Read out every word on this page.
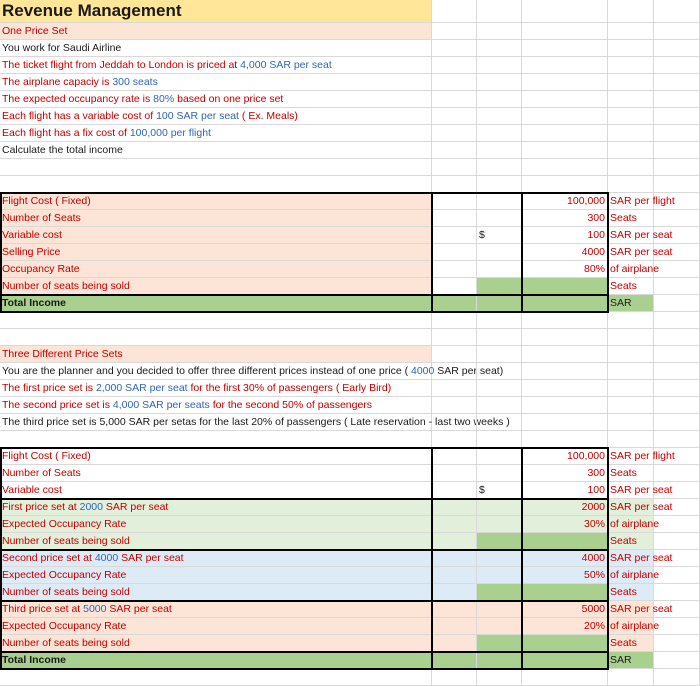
Revenue Management
One Price Set
You work for Saudi Airline
The ticket flight from Jeddah to London is priced at 4,000 SAR per seat
The airplane capaciy is 300 seats
The expected occupancy rate is 80% based on one price set
Each flight has a variable cost of 100 SAR per seat ( Ex. Meals)
Each flight has a fix cost of 100,000 per flight
Calculate the total income
Flight Cost ( Fixed)	100,000 SAR per flight
Number of Seats	300 Seats
Variable cost	$	100 SAR per seat
Selling Price	4000 SAR per seat
Occupancy Rate	80% of airplane
Number of seats being sold	Seats
Total Income	SAR
Three Different Price Sets
You are the planner and you decided to offer three different prices instead of one price ( 4000 SAR per seat)
The first price set is 2,000 SAR per seat for the first 30% of passengers ( Early Bird)
The second price set is 4,000 SAR per seats for the second 50% of passengers
The third price set is 5,000 SAR per setas for the last 20% of passengers ( Late reservation - last two weeks )
Flight Cost ( Fixed)	100,000 SAR per flight
Number of Seats	300 Seats
Variable cost	$	100 SAR per seat
First price set at 2000 SAR per seat	2000 SAR per seat
Expected Occupancy Rate	30% of airplane
Number of seats being sold	Seats
Second price set at 4000 SAR per seat	4000 SAR per seat
Expected Occupancy Rate	50% of airplane
Number of seats being sold	Seats
Third price set at 5000 SAR per seat	5000 SAR per seat
Expected Occupancy Rate	20% of airplane
Number of seats being sold	Seats
Total Income	SAR
